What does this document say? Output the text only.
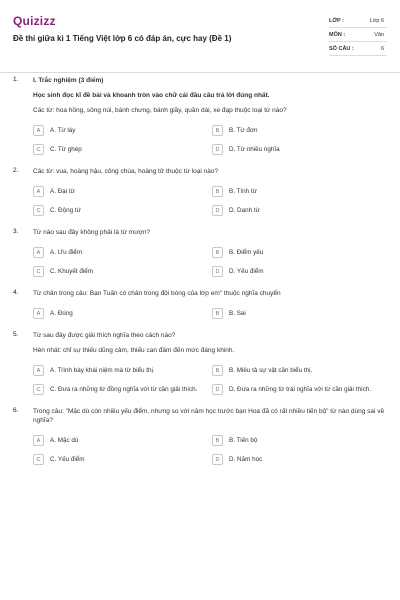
Quizizz
Đề thi giữa kì 1 Tiếng Việt lớp 6 có đáp án, cực hay (Đề 1)
LỚP :	Lớp 6
MÔN :	Văn
SỐ CÂU :	6
1. I. Trắc nghiệm (3 điểm)
Học sinh đọc kĩ đề bài và khoanh tròn vào chữ cái đầu câu trả lời đúng nhất.
Các từ: hoa hồng, sông núi, bánh chưng, bánh giầy, quần dài, xe đạp thuộc loại từ nào?
A	A. Từ láy	B	B. Từ đơn
C	C. Từ ghép	D	D. Từ nhiều nghĩa
2. Các từ: vua, hoàng hậu, công chúa, hoàng tử thuộc từ loại nào?
A	A. Đại từ	B	B. Tính từ
C	C. Động từ	D	D. Danh từ
3. Từ nào sau đây không phải là từ mượn?
A	A. Ưu điểm	B	B. Điểm yếu
C	C. Khuyết điểm	D	D. Yếu điểm
4. Từ chân trong câu: Bạn Tuấn có chân trong đội bóng của lớp em" thuộc nghĩa chuyển
A	A. Đúng	B	B. Sai
5. Từ sau đây được giải thích nghĩa theo cách nào?
Hèn nhát: chỉ sự thiếu dũng cảm, thiếu can đảm đến mức đáng khinh.
A	A. Trình bày khái niệm mà từ biểu thị.	B	B. Miêu tả sự vật cần biểu thị.
C	C. Đưa ra những từ đồng nghĩa với từ cần giải thích.	D	D. Đưa ra những từ trái nghĩa với từ cần giải thích.
6. Trong câu: "Mặc dù còn nhiều yếu điểm, nhưng so với năm học trước bạn Hoa đã có rất nhiều tiến bộ" từ nào dùng sai về nghĩa?
A	A. Mặc dù	B	B. Tiến bộ
C	C. Yếu điểm	D	D. Năm học
